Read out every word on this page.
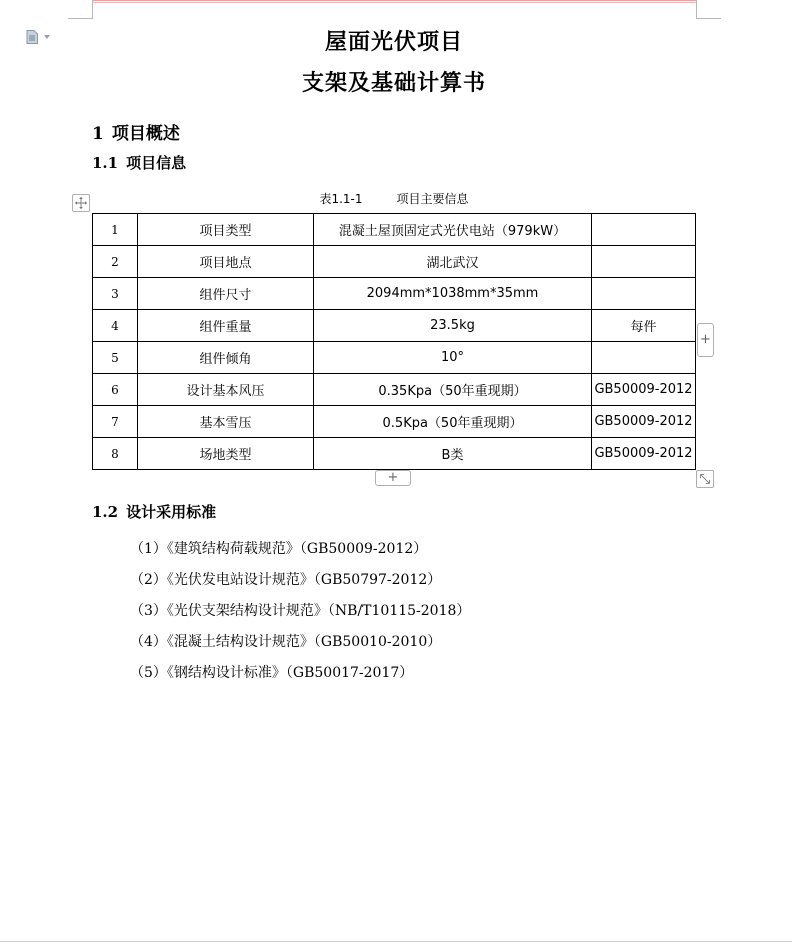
屋面光伏项目
支架及基础计算书
1 项目概述
1.1 项目信息
表1.1-1	项目主要信息
1	项目类型	混凝土屋顶固定式光伏电站（979kW）	
2	项目地点	湖北武汉	
3	组件尺寸	2094mm*1038mm*35mm	
4	组件重量	23.5kg	每件
5	组件倾角	10°	
6	设计基本风压	0.35Kpa（50年重现期）	GB50009-2012
7	基本雪压	0.5Kpa（50年重现期）	GB50009-2012
8	场地类型	B类	GB50009-2012
+
+
1.2 设计采用标准
（1）《建筑结构荷载规范》（GB50009-2012）
（2）《光伏发电站设计规范》（GB50797-2012）
（3）《光伏支架结构设计规范》（NB/T10115-2018）
（4）《混凝土结构设计规范》（GB50010-2010）
（5）《钢结构设计标准》（GB50017-2017）
